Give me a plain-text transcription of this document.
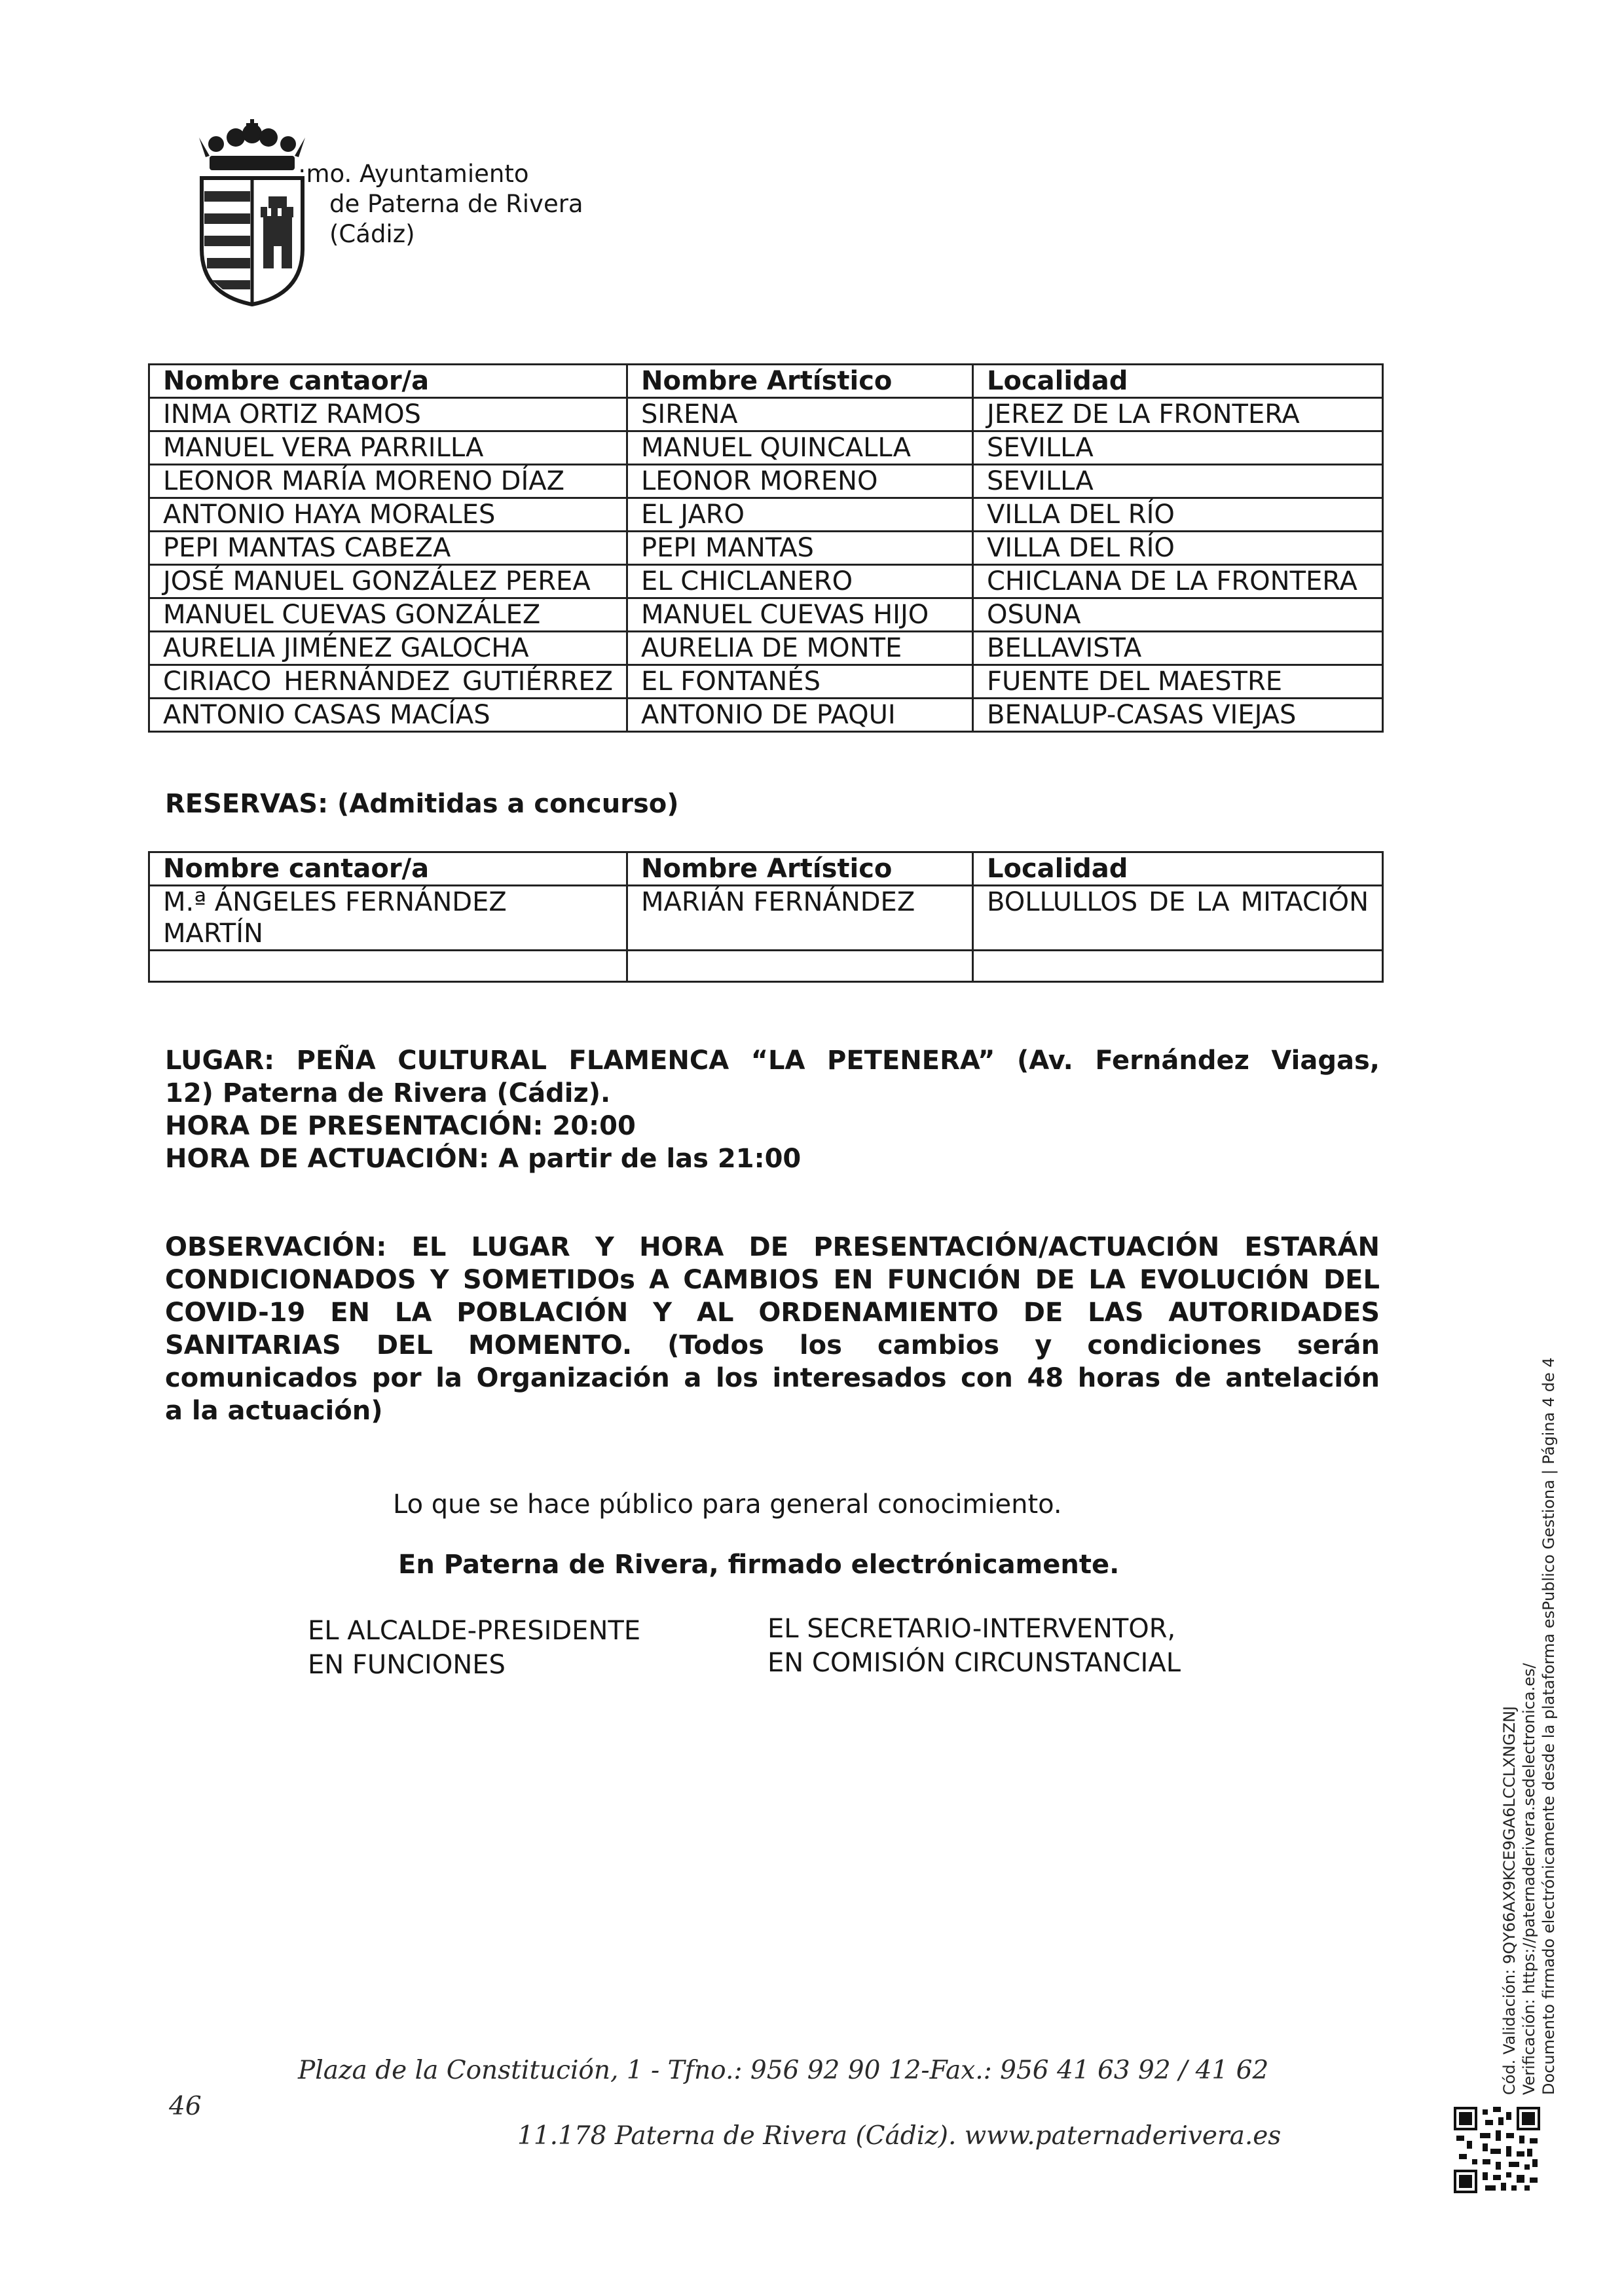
:mo. Ayuntamiento
de Paterna de Rivera
(Cádiz)
Nombre cantaor/a	Nombre Artístico	Localidad
INMA ORTIZ RAMOS	SIRENA	JEREZ DE LA FRONTERA
MANUEL VERA PARRILLA	MANUEL QUINCALLA	SEVILLA
LEONOR MARÍA MORENO DÍAZ	LEONOR MORENO	SEVILLA
ANTONIO HAYA MORALES	EL JARO	VILLA DEL RÍO
PEPI MANTAS CABEZA	PEPI MANTAS	VILLA DEL RÍO
JOSÉ MANUEL GONZÁLEZ PEREA	EL CHICLANERO	CHICLANA DE LA FRONTERA
MANUEL CUEVAS GONZÁLEZ	MANUEL CUEVAS HIJO	OSUNA
AURELIA JIMÉNEZ GALOCHA	AURELIA DE MONTE	BELLAVISTA
CIRIACO HERNÁNDEZ GUTIÉRREZ	EL FONTANÉS	FUENTE DEL MAESTRE
ANTONIO CASAS MACÍAS	ANTONIO DE PAQUI	BENALUP-CASAS VIEJAS
RESERVAS: (Admitidas a concurso)
Nombre cantaor/a	Nombre Artístico	Localidad
M.ª ÁNGELES FERNÁNDEZ MARTÍN	MARIÁN FERNÁNDEZ	BOLLULLOS DE LA MITACIÓN

LUGAR: PEÑA CULTURAL FLAMENCA “LA PETENERA” (Av. Fernández Viagas,
12) Paterna de Rivera (Cádiz).
HORA DE PRESENTACIÓN: 20:00
HORA DE ACTUACIÓN: A partir de las 21:00
OBSERVACIÓN: EL LUGAR Y HORA DE PRESENTACIÓN/ACTUACIÓN ESTARÁN
CONDICIONADOS Y SOMETIDOs A CAMBIOS EN FUNCIÓN DE LA EVOLUCIÓN DEL
COVID-19 EN LA POBLACIÓN Y AL ORDENAMIENTO DE LAS AUTORIDADES
SANITARIAS DEL MOMENTO. (Todos los cambios y condiciones serán
comunicados por la Organización a los interesados con 48 horas de antelación
a la actuación)
Lo que se hace público para general conocimiento.
En Paterna de Rivera, firmado electrónicamente.
EL ALCALDE-PRESIDENTE
EN FUNCIONES
EL SECRETARIO-INTERVENTOR,
EN COMISIÓN CIRCUNSTANCIAL
Plaza de la Constitución, 1 - Tfno.: 956 92 90 12-Fax.: 956 41 63 92 / 41 62
46
11.178 Paterna de Rivera (Cádiz). www.paternaderivera.es
Cód. Validación: 9QY66AX9KCE9GA6LCCLXNGZNJ Verificación: https://paternaderivera.sedelectronica.es/ Documento firmado electrónicamente desde la plataforma esPublico Gestiona | Página 4 de 4
